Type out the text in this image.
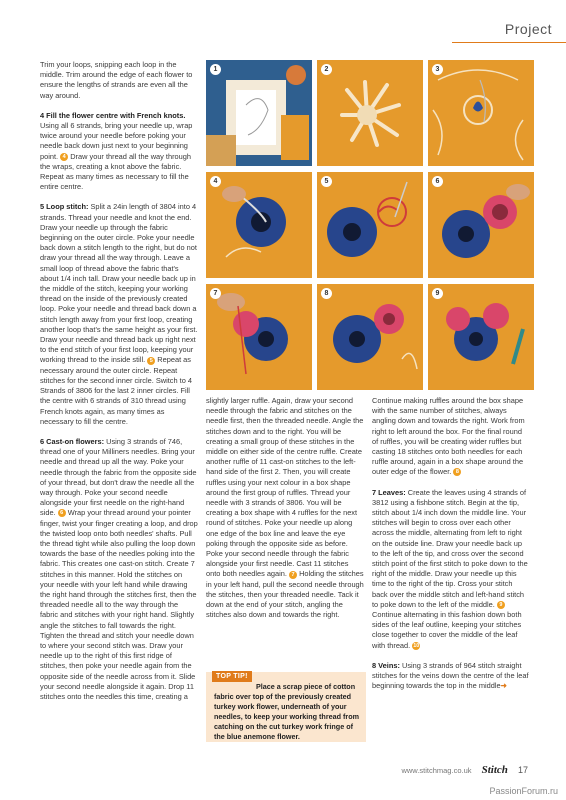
Project

Trim your loops, snipping each loop in the middle. Trim around the edge of each flower to ensure the lengths of strands are even all the way around.

4 Fill the flower centre with French knots. Using all 6 strands, bring your needle up, wrap twice around your needle before poking your needle back down just next to your beginning point. 4 Draw your thread all the way through the wraps, creating a knot above the fabric. Repeat as many times as necessary to fill the entire centre.

5 Loop stitch: Split a 24in length of 3804 into 4 strands. Thread your needle and knot the end. Draw your needle up through the fabric beginning on the outer circle. Poke your needle back down a stitch length to the right, but do not draw your thread all the way through. Leave a small loop of thread above the fabric that's about 1/4 inch tall. Draw your needle back up in the middle of the stitch, keeping your working thread on the inside of the previously created loop. Poke your needle and thread back down a stitch length away from your first loop, creating another loop that's the same height as your first. Draw your needle and thread back up right next to the end stitch of your first loop, keeping your working thread to the inside still. 5 Repeat as necessary around the outer circle. Repeat stitches for the second inner circle. Switch to 4 Strands of 3806 for the last 2 inner circles. Fill the centre with 6 strands of 310 thread using French knots again, as many times as necessary to fill the centre.

6 Cast-on flowers: Using 3 strands of 746, thread one of your Milliners needles. Bring your needle and thread up all the way. Poke your needle through the fabric from the opposite side of your thread, but don't draw the needle all the way through. Poke your second needle alongside your first needle on the right-hand side. 6 Wrap your thread around your pointer finger, twist your finger creating a loop, and drop the twisted loop onto both needles' shafts. Pull the thread tight while also pulling the loop down towards the base of the needles poking into the fabric. This creates one cast-on stitch. Create 7 stitches in this manner. Hold the stitches on your needle with your left hand while drawing the right hand through the stitches first, then the threaded needle all to the way through the fabric and stitches with your right hand. Slightly angle the stitches to fall towards the right. Tighten the thread and stitch your needle down to where your second stitch was. Draw your needle up to the right of this first ridge of stitches, then poke your needle again from the opposite side of the needle across from it. Slide your second needle alongside it again. Drop 11 stitches onto the needles this time, creating a

1	2	3
4	5	6
7	8	9

slightly larger ruffle. Again, draw your second needle through the fabric and stitches on the needle first, then the threaded needle. Angle the stitches down and to the right. You will be creating a small group of these stitches in the middle on either side of the centre ruffle. Create another ruffle of 11 cast-on stitches to the left-hand side of the first 2. Then, you will create ruffles using your next colour in a box shape around the first group of ruffles. Thread your needle with 3 strands of 3806. You will be creating a box shape with 4 ruffles for the next round of stitches. Poke your needle up along one edge of the box line and leave the eye poking through the opposite side as before. Poke your second needle through the fabric alongside your first needle. Cast 11 stitches onto both needles again. 7 Holding the stitches in your left hand, pull the second needle through the stitches, then your threaded needle. Tack it down at the end of your stitch, angling the stitches also down and towards the right.

TOP TIP!
Place a scrap piece of cotton fabric over top of the previously created turkey work flower, underneath of your needles, to keep your working thread from catching on the cut turkey work fringe of the blue anemone flower.

Continue making ruffles around the box shape with the same number of stitches, always angling down and towards the right. Work from right to left around the box. For the final round of ruffles, you will be creating wider ruffles but casting 18 stitches onto both needles for each ruffle around, again in a box shape around the outer edge of the flower. 8

7 Leaves: Create the leaves using 4 strands of 3812 using a fishbone stitch. Begin at the tip, stitch about 1/4 inch down the middle line. Your stitches will begin to cross over each other across the middle, alternating from left to right on the outside line. Draw your needle back up to the left of the tip, and cross over the second stitch point of the first stitch to poke down to the right of the middle. Draw your needle up this time to the right of the tip. Cross your stitch back over the middle stitch and left-hand stitch to poke down to the left of the middle. 9 Continue alternating in this fashion down both sides of the leaf outline, keeping your stitches close together to cover the middle of the leaf with thread. 10

8 Veins: Using 3 strands of 964 stitch straight stitches for the veins down the centre of the leaf beginning towards the top in the middle➜

www.stitchmag.co.uk Stitch 17
PassionForum.ru
